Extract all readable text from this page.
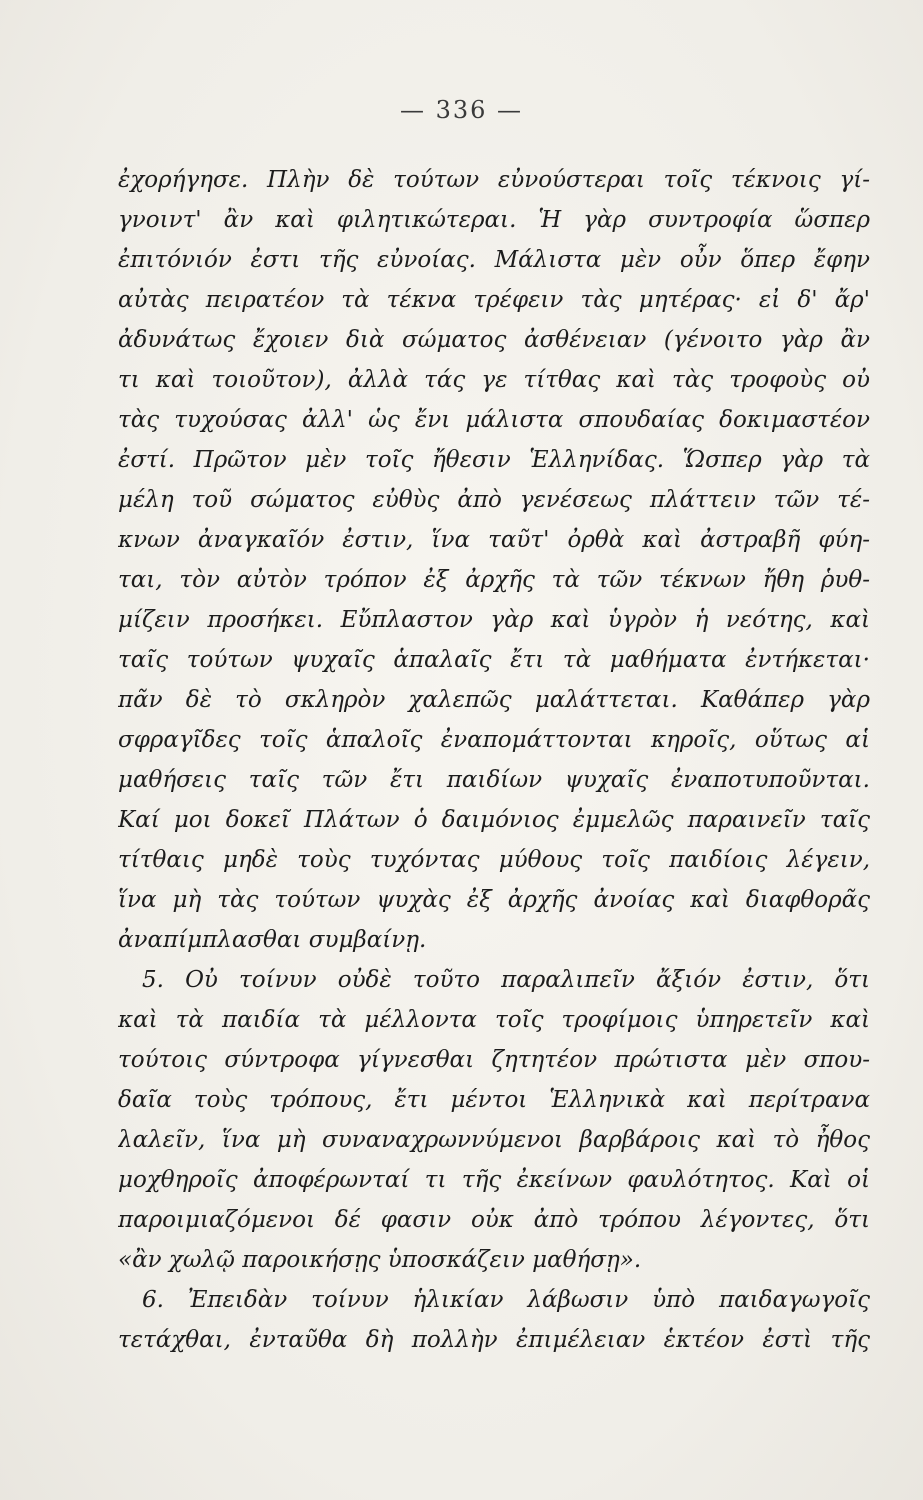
— 336 —
ἐχορήγησε. Πλὴν δὲ τούτων εὐνούστεραι τοῖς τέκνοις γί-
γνοιντ' ἂν καὶ φιλητικώτεραι. Ἡ γὰρ συντροφία ὥσπερ
ἐπιτόνιόν ἐστι τῆς εὐνοίας. Μάλιστα μὲν οὖν ὅπερ ἔφην
αὐτὰς πειρατέον τὰ τέκνα τρέφειν τὰς μητέρας· εἰ δ' ἄρ'
ἀδυνάτως ἔχοιεν διὰ σώματος ἀσθένειαν (γένοιτο γὰρ ἂν
τι καὶ τοιοῦτον), ἀλλὰ τάς γε τίτθας καὶ τὰς τροφοὺς οὐ
τὰς τυχούσας ἀλλ' ὡς ἔνι μάλιστα σπουδαίας δοκιμαστέον
ἐστί. Πρῶτον μὲν τοῖς ἤθεσιν Ἑλληνίδας. Ὥσπερ γὰρ τὰ
μέλη τοῦ σώματος εὐθὺς ἀπὸ γενέσεως πλάττειν τῶν τέ-
κνων ἀναγκαῖόν ἐστιν, ἵνα ταῦτ' ὀρθὰ καὶ ἀστραβῆ φύη-
ται, τὸν αὐτὸν τρόπον ἐξ ἀρχῆς τὰ τῶν τέκνων ἤθη ῥυθ-
μίζειν προσήκει. Εὔπλαστον γὰρ καὶ ὑγρὸν ἡ νεότης, καὶ
ταῖς τούτων ψυχαῖς ἁπαλαῖς ἔτι τὰ μαθήματα ἐντήκεται·
πᾶν δὲ τὸ σκληρὸν χαλεπῶς μαλάττεται. Καθάπερ γὰρ
σφραγῖδες τοῖς ἁπαλοῖς ἐναπομάττονται κηροῖς, οὕτως αἱ
μαθήσεις ταῖς τῶν ἔτι παιδίων ψυχαῖς ἐναποτυποῦνται.
Καί μοι δοκεῖ Πλάτων ὁ δαιμόνιος ἐμμελῶς παραινεῖν ταῖς
τίτθαις μηδὲ τοὺς τυχόντας μύθους τοῖς παιδίοις λέγειν,
ἵνα μὴ τὰς τούτων ψυχὰς ἐξ ἀρχῆς ἀνοίας καὶ διαφθορᾶς
ἀναπίμπλασθαι συμβαίνῃ.
5. Οὐ τοίνυν οὐδὲ τοῦτο παραλιπεῖν ἄξιόν ἐστιν, ὅτι
καὶ τὰ παιδία τὰ μέλλοντα τοῖς τροφίμοις ὑπηρετεῖν καὶ
τούτοις σύντροφα γίγνεσθαι ζητητέον πρώτιστα μὲν σπου-
δαῖα τοὺς τρόπους, ἔτι μέντοι Ἑλληνικὰ καὶ περίτρανα
λαλεῖν, ἵνα μὴ συναναχρωννύμενοι βαρβάροις καὶ τὸ ἦθος
μοχθηροῖς ἀποφέρωνταί τι τῆς ἐκείνων φαυλότητος. Καὶ οἱ
παροιμιαζόμενοι δέ φασιν οὐκ ἀπὸ τρόπου λέγοντες, ὅτι
«ἂν χωλῷ παροικήσῃς ὑποσκάζειν μαθήσῃ».
6. Ἐπειδὰν τοίνυν ἡλικίαν λάβωσιν ὑπὸ παιδαγωγοῖς
τετάχθαι, ἐνταῦθα δὴ πολλὴν ἐπιμέλειαν ἑκτέον ἐστὶ τῆς
